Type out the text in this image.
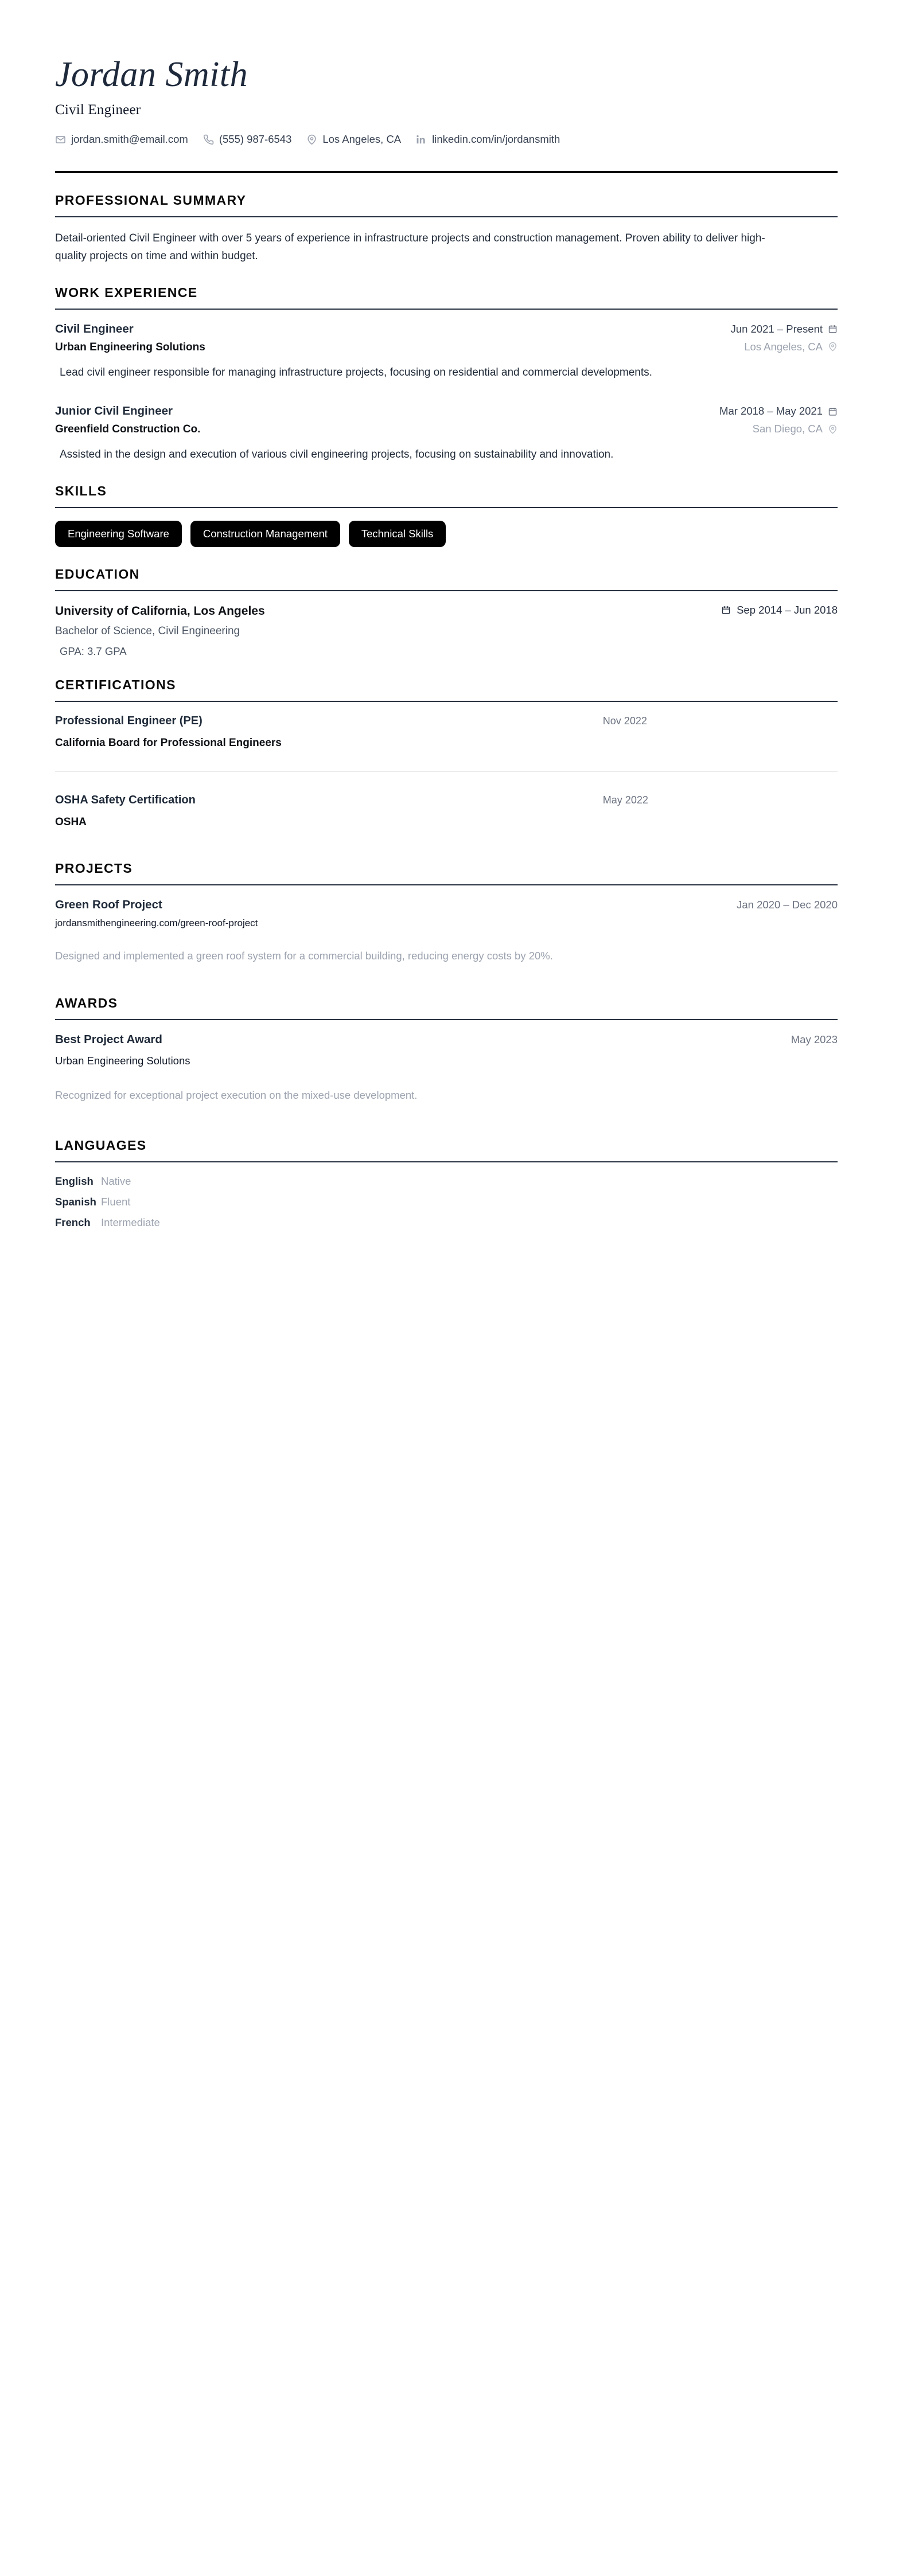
Jordan Smith
Civil Engineer
jordan.smith@email.com	(555) 987-6543	Los Angeles, CA	linkedin.com/in/jordansmith
PROFESSIONAL SUMMARY
Detail-oriented Civil Engineer with over 5 years of experience in infrastructure projects and construction management. Proven ability to deliver high-quality projects on time and within budget.
WORK EXPERIENCE
Civil Engineer	Jun 2021 – Present
Urban Engineering Solutions	Los Angeles, CA
Lead civil engineer responsible for managing infrastructure projects, focusing on residential and commercial developments.
Junior Civil Engineer	Mar 2018 – May 2021
Greenfield Construction Co.	San Diego, CA
Assisted in the design and execution of various civil engineering projects, focusing on sustainability and innovation.
SKILLS
Engineering Software	Construction Management	Technical Skills
EDUCATION
University of California, Los Angeles	Sep 2014 – Jun 2018
Bachelor of Science, Civil Engineering
GPA: 3.7 GPA
CERTIFICATIONS
Professional Engineer (PE)	Nov 2022
California Board for Professional Engineers
OSHA Safety Certification	May 2022
OSHA
PROJECTS
Green Roof Project	Jan 2020 – Dec 2020
jordansmithengineering.com/green-roof-project
Designed and implemented a green roof system for a commercial building, reducing energy costs by 20%.
AWARDS
Best Project Award	May 2023
Urban Engineering Solutions
Recognized for exceptional project execution on the mixed-use development.
LANGUAGES
English Native
Spanish Fluent
French Intermediate
